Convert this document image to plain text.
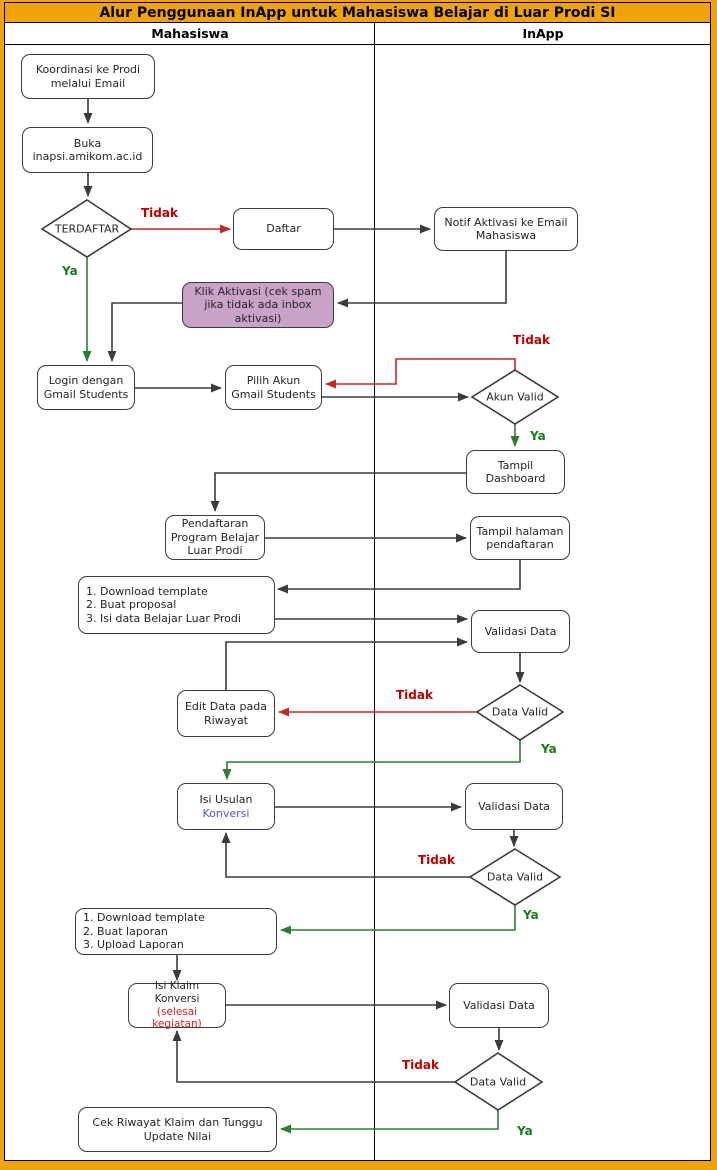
Alur Penggunaan InApp untuk Mahasiswa Belajar di Luar Prodi SI
Mahasiswa	InApp
Koordinasi ke Prodi melalui Email
Buka inapsi.amikom.ac.id
Daftar
Notif Aktivasi ke Email Mahasiswa
Klik Aktivasi (cek spam jika tidak ada inbox aktivasi)
Login dengan Gmail Students
Pilih Akun Gmail Students
Tampil Dashboard
Pendaftaran Program Belajar Luar Prodi
Tampil halaman pendaftaran
1. Download template
2. Buat proposal
3. Isi data Belajar Luar Prodi
Validasi Data
Edit Data pada Riwayat
Isi Usulan
Konversi
Validasi Data
1. Download template
2. Buat laporan
3. Upload Laporan
Isi Klaim Konversi (selesai kegiatan)
Validasi Data
Cek Riwayat Klaim dan Tunggu Update Nilai
TERDAFTAR
Akun Valid
Data Valid
Data Valid
Data Valid
Tidak
Ya
Tidak
Ya
Tidak
Ya
Tidak
Ya
Tidak
Ya
